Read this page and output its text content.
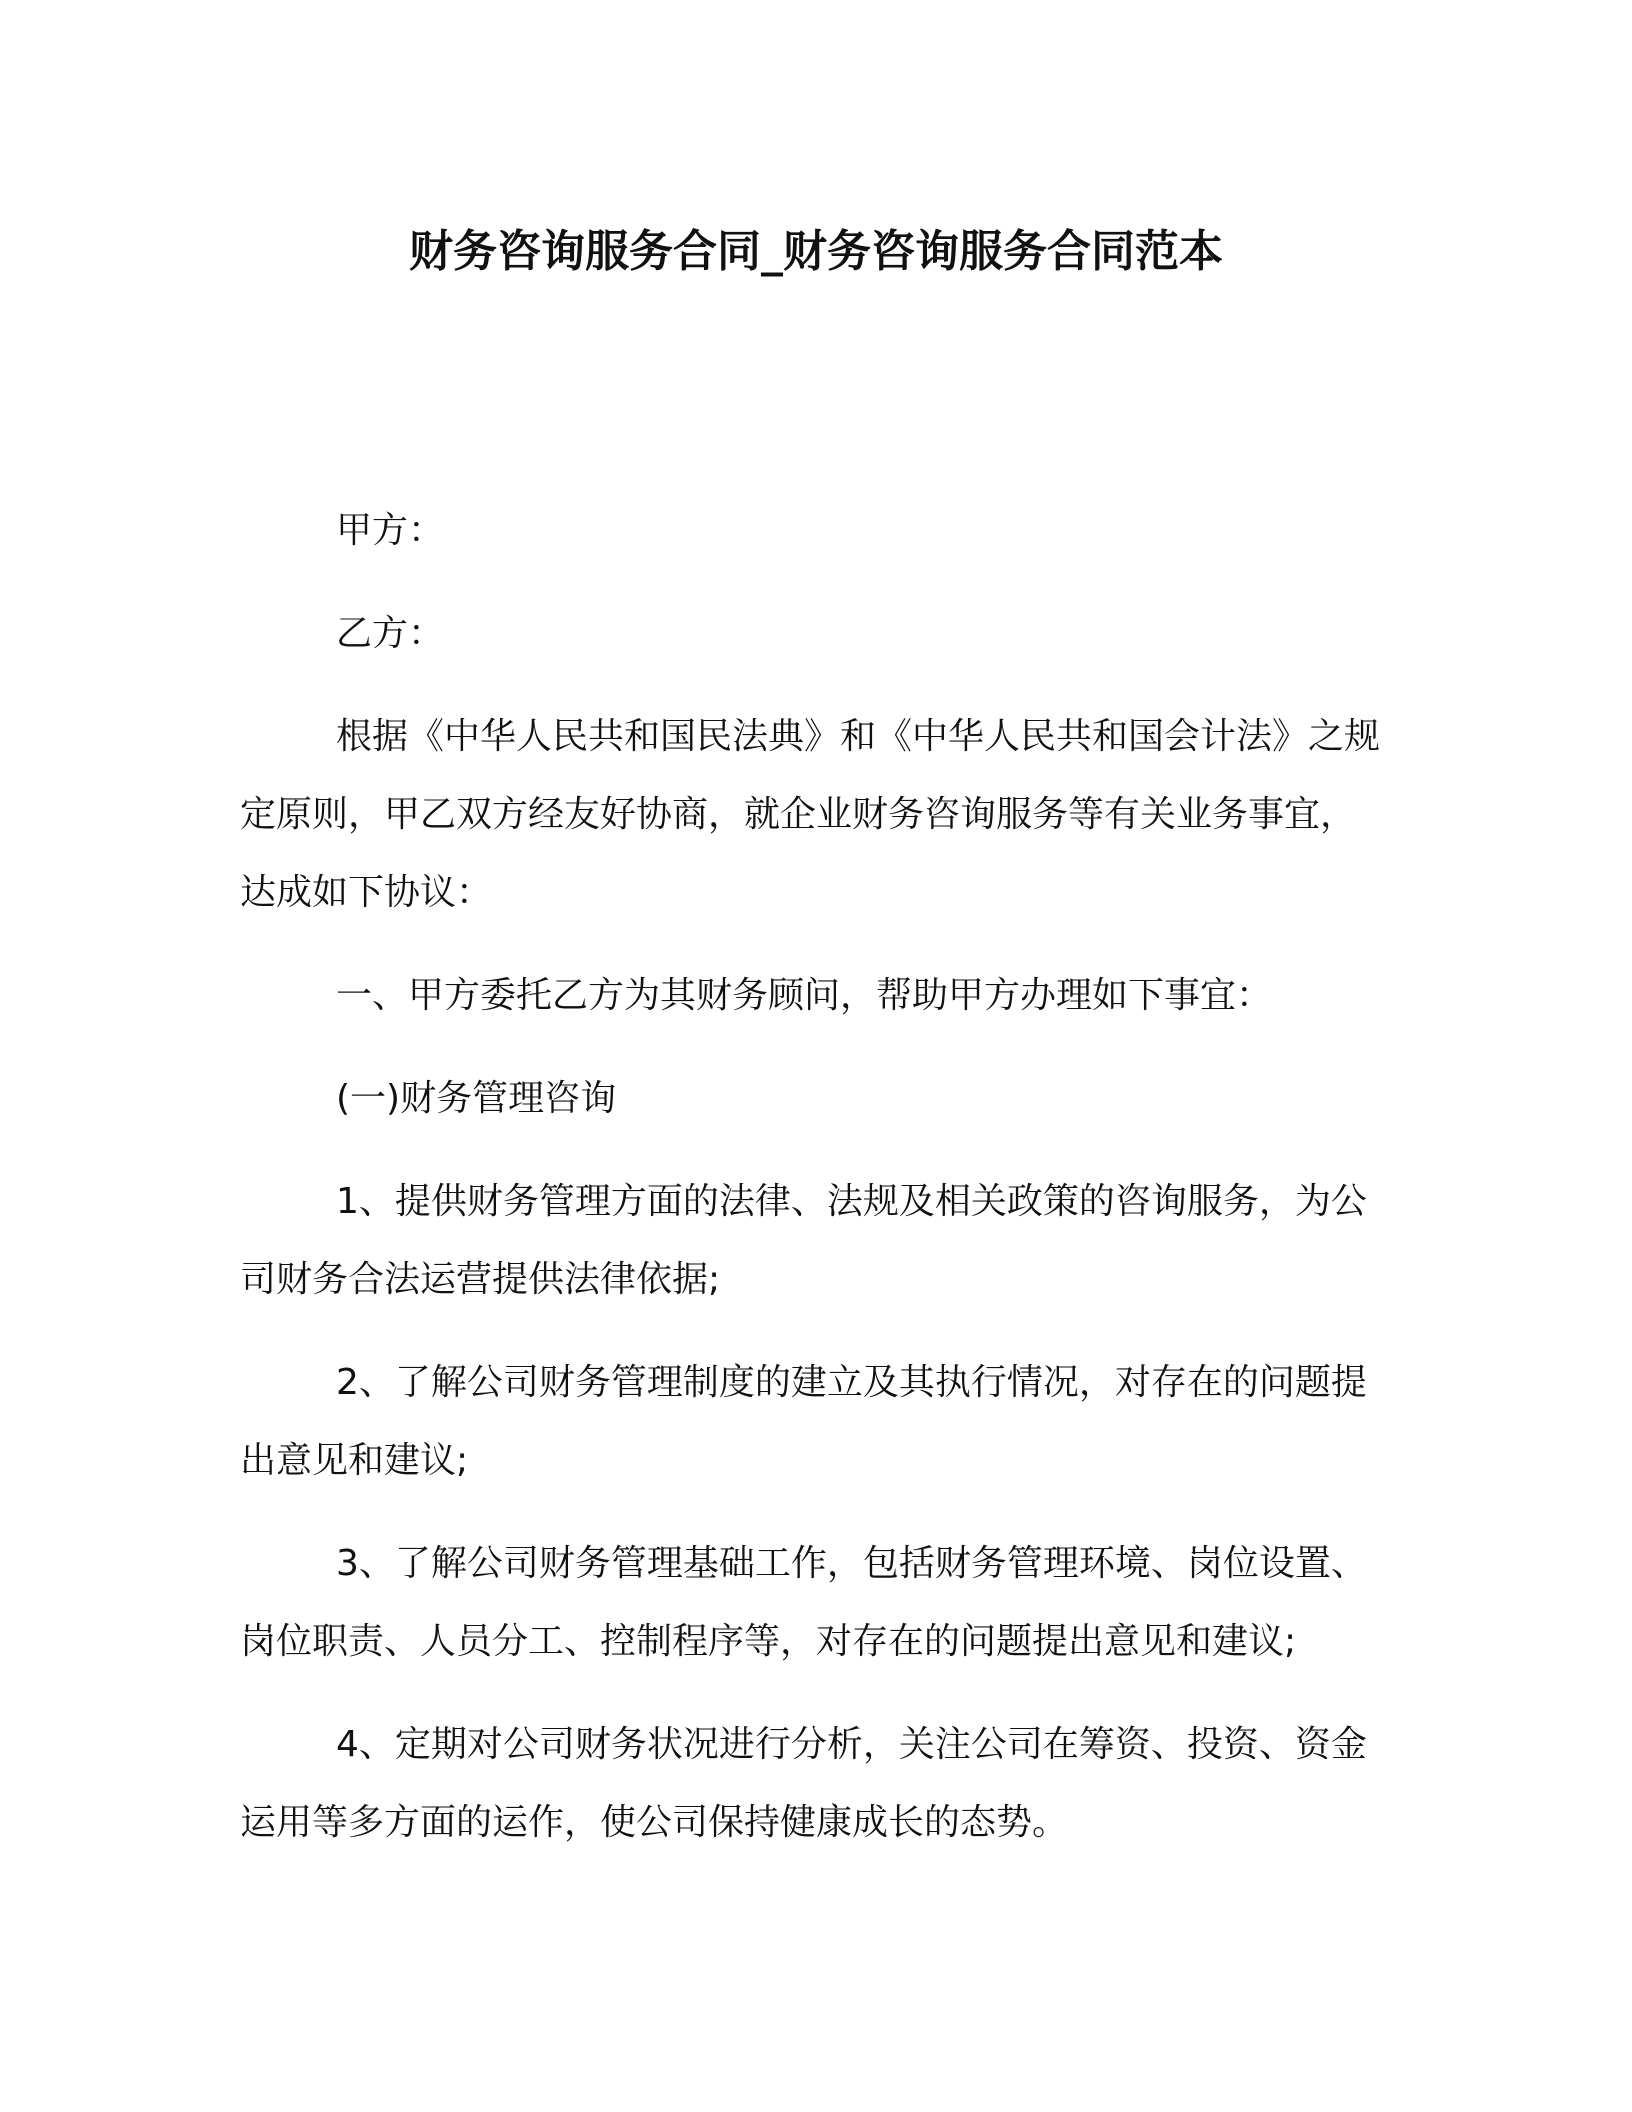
财务咨询服务合同_财务咨询服务合同范本

甲方：

乙方：

根据《中华人民共和国民法典》和《中华人民共和国会计法》之规定原则，甲乙双方经友好协商，就企业财务咨询服务等有关业务事宜，达成如下协议：

一、甲方委托乙方为其财务顾问，帮助甲方办理如下事宜：

(一)财务管理咨询

1、提供财务管理方面的法律、法规及相关政策的咨询服务，为公司财务合法运营提供法律依据;

2、了解公司财务管理制度的建立及其执行情况，对存在的问题提出意见和建议;

3、了解公司财务管理基础工作，包括财务管理环境、岗位设置、岗位职责、人员分工、控制程序等，对存在的问题提出意见和建议;

4、定期对公司财务状况进行分析，关注公司在筹资、投资、资金运用等多方面的运作，使公司保持健康成长的态势。
